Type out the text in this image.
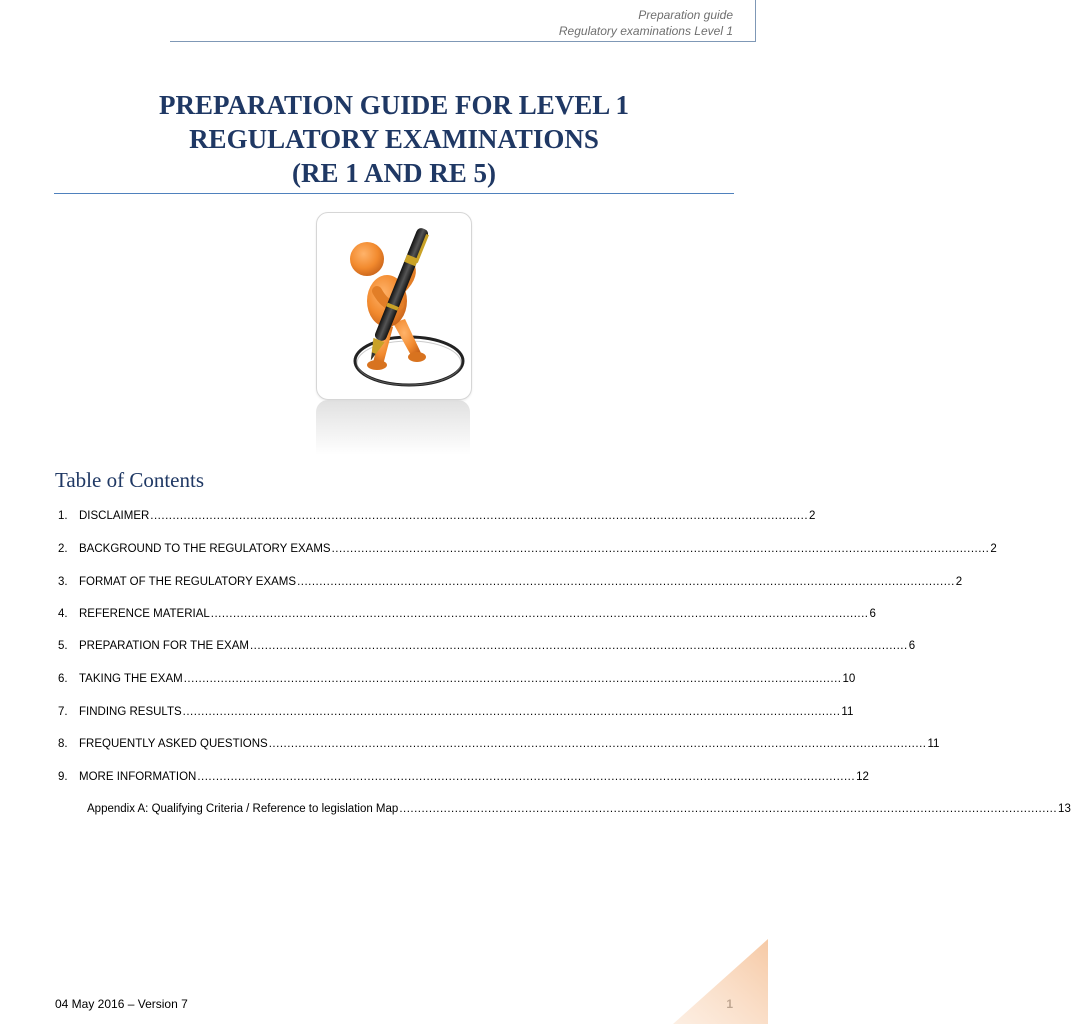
Preparation guide
Regulatory examinations Level 1
PREPARATION GUIDE FOR LEVEL 1
REGULATORY EXAMINATIONS
(RE 1 AND RE 5)
Table of Contents
1. DISCLAIMER .................................................................................................................................................................................. 2
2. BACKGROUND TO THE REGULATORY EXAMS .................................................................................................................................................................................. 2
3. FORMAT OF THE REGULATORY EXAMS .................................................................................................................................................................................. 2
4. REFERENCE MATERIAL .................................................................................................................................................................................. 6
5. PREPARATION FOR THE EXAM .................................................................................................................................................................................. 6
6. TAKING THE EXAM .................................................................................................................................................................................. 10
7. FINDING RESULTS .................................................................................................................................................................................. 11
8. FREQUENTLY ASKED QUESTIONS .................................................................................................................................................................................. 11
9. MORE INFORMATION .................................................................................................................................................................................. 12
Appendix A: Qualifying Criteria / Reference to legislation Map .................................................................................................................................................................................. 13
04 May 2016 – Version 7
